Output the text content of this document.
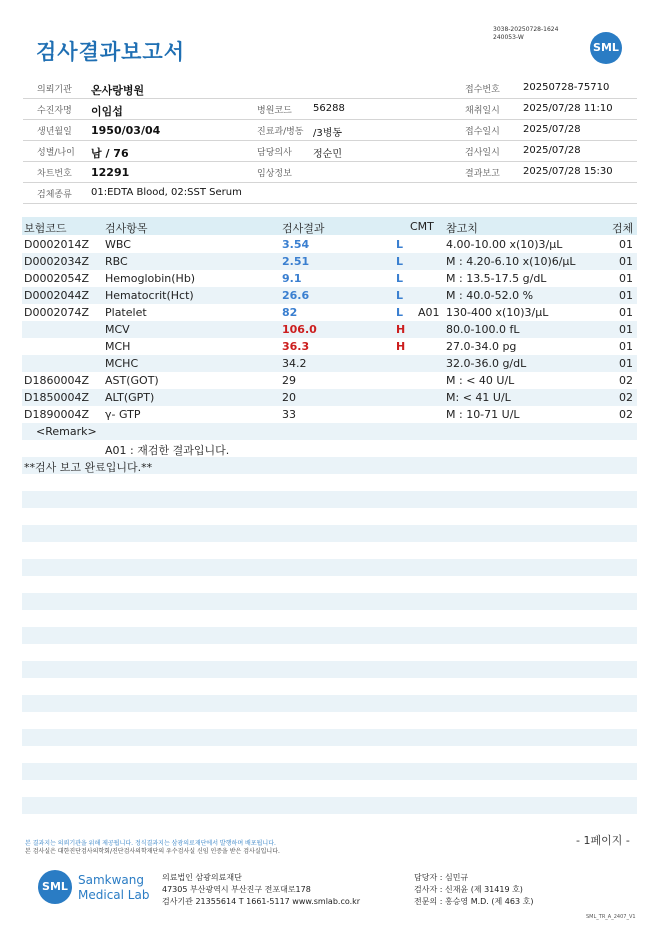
검사결과보고서
3038-20250728-1624
240053-W
SML
의뢰기관 온사랑병원	접수번호 20250728-75710
수진자명 이임섭	병원코드 56288	채취일시 2025/07/28 11:10
생년월일 1950/03/04	진료과/병동 /3병동	접수일시 2025/07/28
성별/나이 남 / 76	담당의사 정순민	검사일시 2025/07/28
차트번호 12291	임상정보	결과보고 2025/07/28 15:30
검체종류 01:EDTA Blood, 02:SST Serum
보험코드	검사항목	검사결과	CMT 참고치	검체
D0002014Z WBC	3.54	L	4.00-10.00 x(10)3/μL	01
D0002034Z RBC	2.51	L	M : 4.20-6.10 x(10)6/μL	01
D0002054Z Hemoglobin(Hb)	9.1	L	M : 13.5-17.5 g/dL	01
D0002044Z Hematocrit(Hct)	26.6	L	M : 40.0-52.0 %	01
D0002074Z Platelet	82	L A01 130-400 x(10)3/μL	01
MCV	106.0	H	80.0-100.0 fL	01
MCH	36.3	H	27.0-34.0 pg	01
MCHC	34.2	32.0-36.0 g/dL	01
D1860004Z AST(GOT)	29	M : < 40 U/L	02
D1850004Z ALT(GPT)	20	M: < 41 U/L	02
D1890004Z γ- GTP	33	M : 10-71 U/L	02
<Remark>
A01 : 재검한 결과입니다.
**검사 보고 완료입니다.**
본 결과지는 의뢰기관을 위해 제공됩니다. 정식결과지는 삼광의료재단에서 발행하며 배포됩니다.
본 검사실은 대한진단검사의학회/진단검사의학재단의 우수검사실 신임 인증을 받은 검사실입니다.
- 1페이지 -
SML Samkwang
Medical Lab
의료법인 삼광의료재단
47305 부산광역시 부산진구 전포대로178
검사기관 21355614 T 1661-5117 www.smlab.co.kr
담당자 : 심민규
검사자 : 신재윤 (제 31419 호)
전문의 : 홍승영 M.D. (제 463 호)
SML_TR_A_2407_V1
